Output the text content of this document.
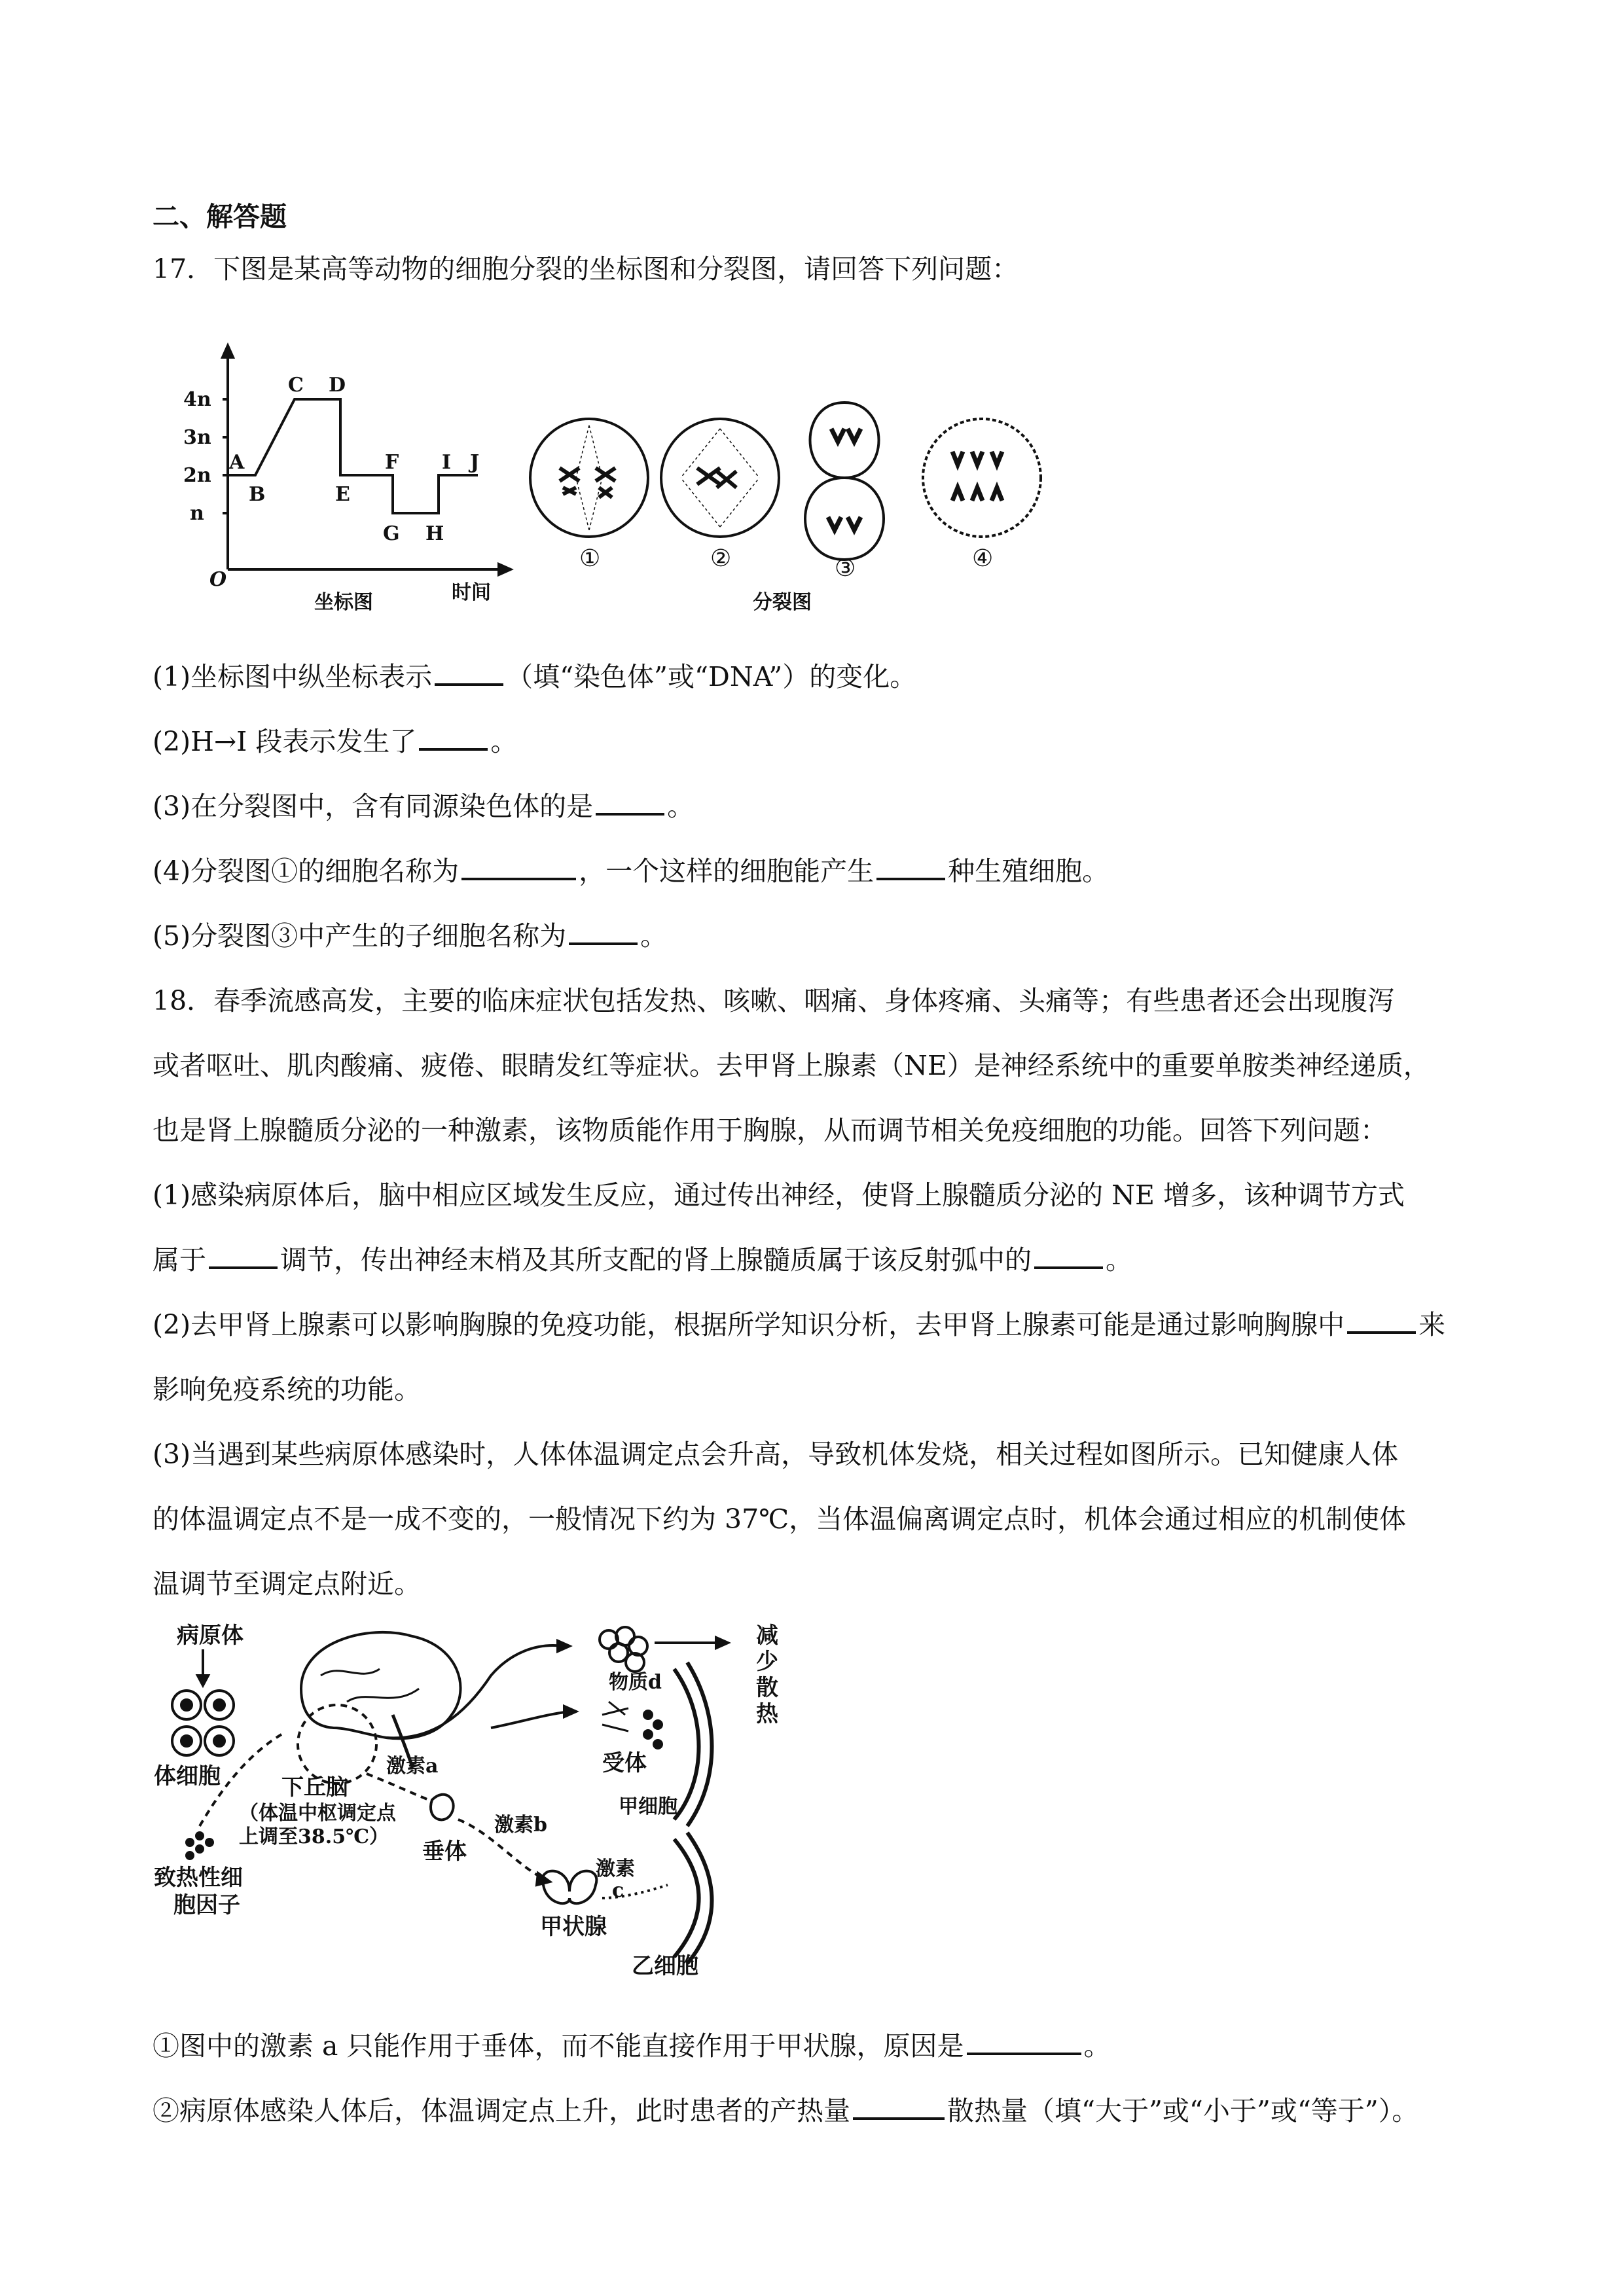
二、解答题
17．下图是某高等动物的细胞分裂的坐标图和分裂图，请回答下列问题：
4n
3n
2n
n
O
时间
坐标图
A
B
C D
E
F
G H
I J
①	②	③	④
分裂图
(1)坐标图中纵坐标表示	（填“染色体”或“DNA”）的变化。
(2)H→I 段表示发生了	。
(3)在分裂图中，含有同源染色体的是	。
(4)分裂图①的细胞名称为	，一个这样的细胞能产生	种生殖细胞。
(5)分裂图③中产生的子细胞名称为	。
18．春季流感高发，主要的临床症状包括发热、咳嗽、咽痛、身体疼痛、头痛等；有些患者还会出现腹泻
或者呕吐、肌肉酸痛、疲倦、眼睛发红等症状。去甲肾上腺素（NE）是神经系统中的重要单胺类神经递质，
也是肾上腺髓质分泌的一种激素，该物质能作用于胸腺，从而调节相关免疫细胞的功能。回答下列问题：
(1)感染病原体后，脑中相应区域发生反应，通过传出神经，使肾上腺髓质分泌的 NE 增多，该种调节方式
属于	调节，传出神经末梢及其所支配的肾上腺髓质属于该反射弧中的	。
(2)去甲肾上腺素可以影响胸腺的免疫功能，根据所学知识分析，去甲肾上腺素可能是通过影响胸腺中	来
影响免疫系统的功能。
(3)当遇到某些病原体感染时，人体体温调定点会升高，导致机体发烧，相关过程如图所示。已知健康人体
的体温调定点不是一成不变的，一般情况下约为 37℃，当体温偏离调定点时，机体会通过相应的机制使体
温调节至调定点附近。
病原体
体细胞
致热性细
胞因子
下丘脑
（体温中枢调定点
上调至38.5℃）
激素a
垂体
激素b
甲状腺
激素
c
物质d
受体
甲细胞
乙细胞
减
少
散
热
①图中的激素 a 只能作用于垂体，而不能直接作用于甲状腺，原因是	。
②病原体感染人体后，体温调定点上升，此时患者的产热量	散热量（填“大于”或“小于”或“等于”）。
